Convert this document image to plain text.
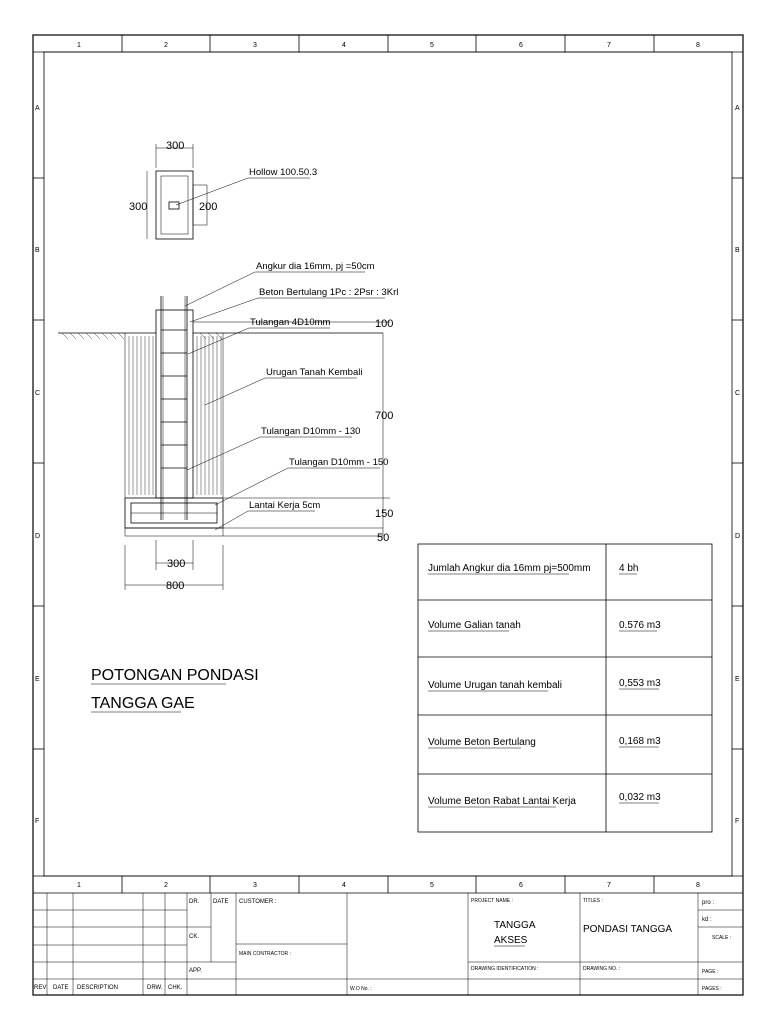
1	2	3	4	5	6	7	8
1	2	3	4	5	6	7	8
A
B
C
D
E
F
A
B
C
D
E
F
300
300	200
Hollow 100.50.3
100
700
150
50
300
800
Angkur dia 16mm, pj =50cm
Beton Bertulang 1Pc : 2Psr : 3Krl
Tulangan 4D10mm
Urugan Tanah Kembali
Tulangan D10mm - 130
Tulangan D10mm - 150
Lantai Kerja 5cm
POTONGAN PONDASI
TANGGA GAE
Jumlah Angkur dia 16mm pj=500mm	4 bh
Volume Galian tanah	0.576 m3
Volume Urugan tanah kembali	0,553 m3
Volume Beton Bertulang	0,168 m3
Volume Beton Rabat Lantai Kerja	0,032 m3
DR. DATE
CK.
APP.
REV DATE DESCRIPTION	DRW. CHK.
CUSTOMER :
MAIN CONTRACTOR :
W.O No. :
PROJECT NAME :
TANGGA
AKSES
DRAWING IDENTIFICATION :
TITLES :
PONDASI TANGGA
DRAWING NO. :
pro :
kd :
SCALE :
PAGE :
PAGES :
